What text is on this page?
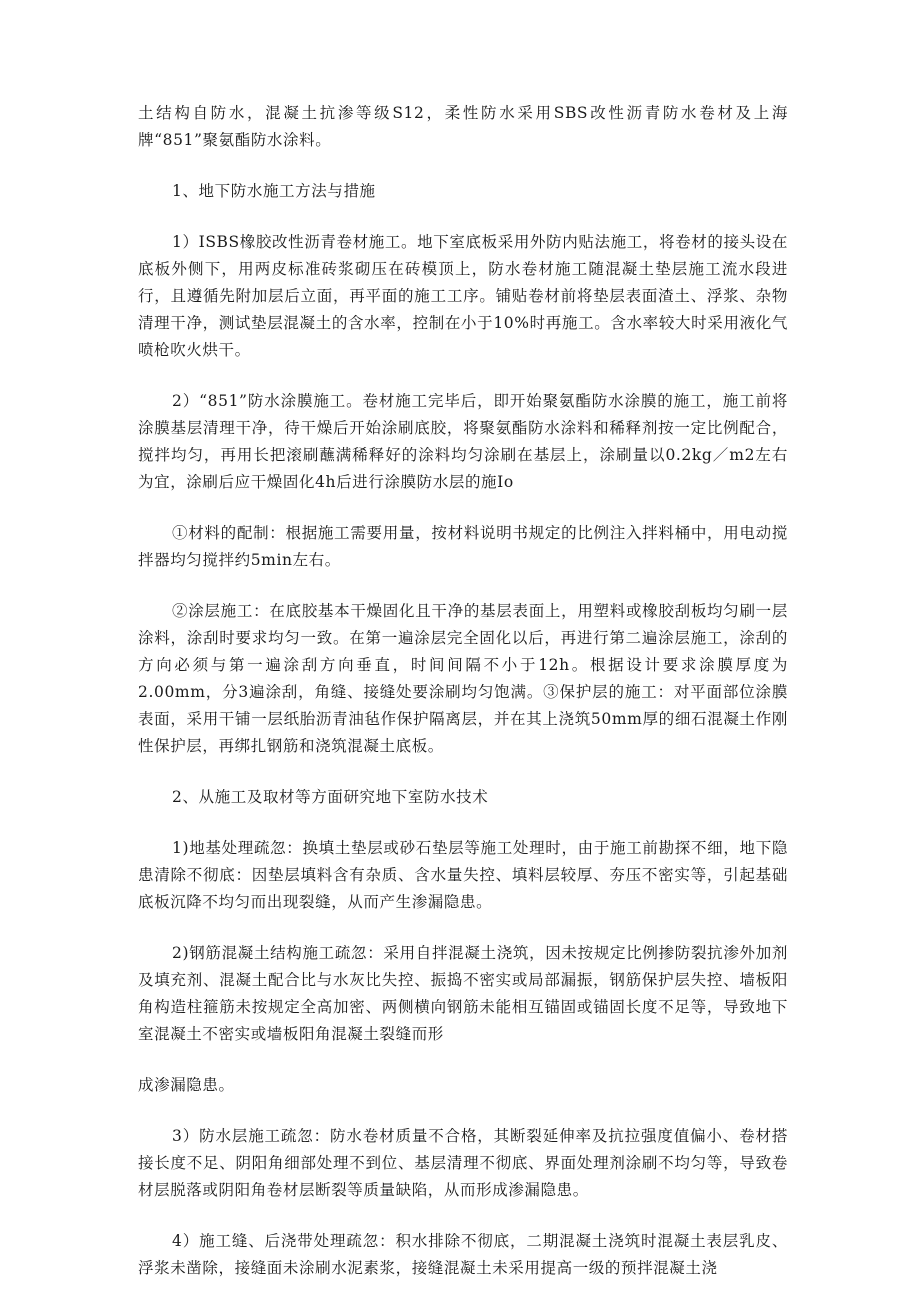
土结构自防水，混凝土抗渗等级S12，柔性防水采用SBS改性沥青防水卷材及上海牌“851”聚氨酯防水涂料。

1、地下防水施工方法与措施

1）ISBS橡胶改性沥青卷材施工。地下室底板采用外防内贴法施工，将卷材的接头设在底板外侧下，用两皮标准砖浆砌压在砖模顶上，防水卷材施工随混凝土垫层施工流水段进行，且遵循先附加层后立面，再平面的施工工序。铺贴卷材前将垫层表面渣土、浮浆、杂物清理干净，测试垫层混凝土的含水率，控制在小于10%时再施工。含水率较大时采用液化气喷枪吹火烘干。

2）“851”防水涂膜施工。卷材施工完毕后，即开始聚氨酯防水涂膜的施工，施工前将涂膜基层清理干净，待干燥后开始涂刷底胶，将聚氨酯防水涂料和稀释剂按一定比例配合，搅拌均匀，再用长把滚刷蘸满稀释好的涂料均匀涂刷在基层上，涂刷量以0.2kg／m2左右为宜，涂刷后应干燥固化4h后进行涂膜防水层的施Io

①材料的配制：根据施工需要用量，按材料说明书规定的比例注入拌料桶中，用电动搅拌器均匀搅拌约5min左右。

②涂层施工：在底胶基本干燥固化且干净的基层表面上，用塑料或橡胶刮板均匀刷一层涂料，涂刮时要求均匀一致。在第一遍涂层完全固化以后，再进行第二遍涂层施工，涂刮的方向必须与第一遍涂刮方向垂直，时间间隔不小于12h。根据设计要求涂膜厚度为2.00mm，分3遍涂刮，角缝、接缝处要涂刷均匀饱满。③保护层的施工：对平面部位涂膜表面，采用干铺一层纸胎沥青油毡作保护隔离层，并在其上浇筑50mm厚的细石混凝土作刚性保护层，再绑扎钢筋和浇筑混凝土底板。

2、从施工及取材等方面研究地下室防水技术

1)地基处理疏忽：换填土垫层或砂石垫层等施工处理时，由于施工前勘探不细，地下隐患清除不彻底：因垫层填料含有杂质、含水量失控、填料层较厚、夯压不密实等，引起基础底板沉降不均匀而出现裂缝，从而产生渗漏隐患。

2)钢筋混凝土结构施工疏忽：采用自拌混凝土浇筑，因未按规定比例掺防裂抗渗外加剂及填充剂、混凝土配合比与水灰比失控、振捣不密实或局部漏振，钢筋保护层失控、墙板阳角构造柱箍筋未按规定全高加密、两侧横向钢筋未能相互锚固或锚固长度不足等，导致地下室混凝土不密实或墙板阳角混凝土裂缝而形

成渗漏隐患。

3）防水层施工疏忽：防水卷材质量不合格，其断裂延伸率及抗拉强度值偏小、卷材搭接长度不足、阴阳角细部处理不到位、基层清理不彻底、界面处理剂涂刷不均匀等，导致卷材层脱落或阴阳角卷材层断裂等质量缺陷，从而形成渗漏隐患。

4）施工缝、后浇带处理疏忽：积水排除不彻底，二期混凝土浇筑时混凝土表层乳皮、浮浆未凿除，接缝面未涂刷水泥素浆，接缝混凝土未采用提高一级的预拌混凝土浇
